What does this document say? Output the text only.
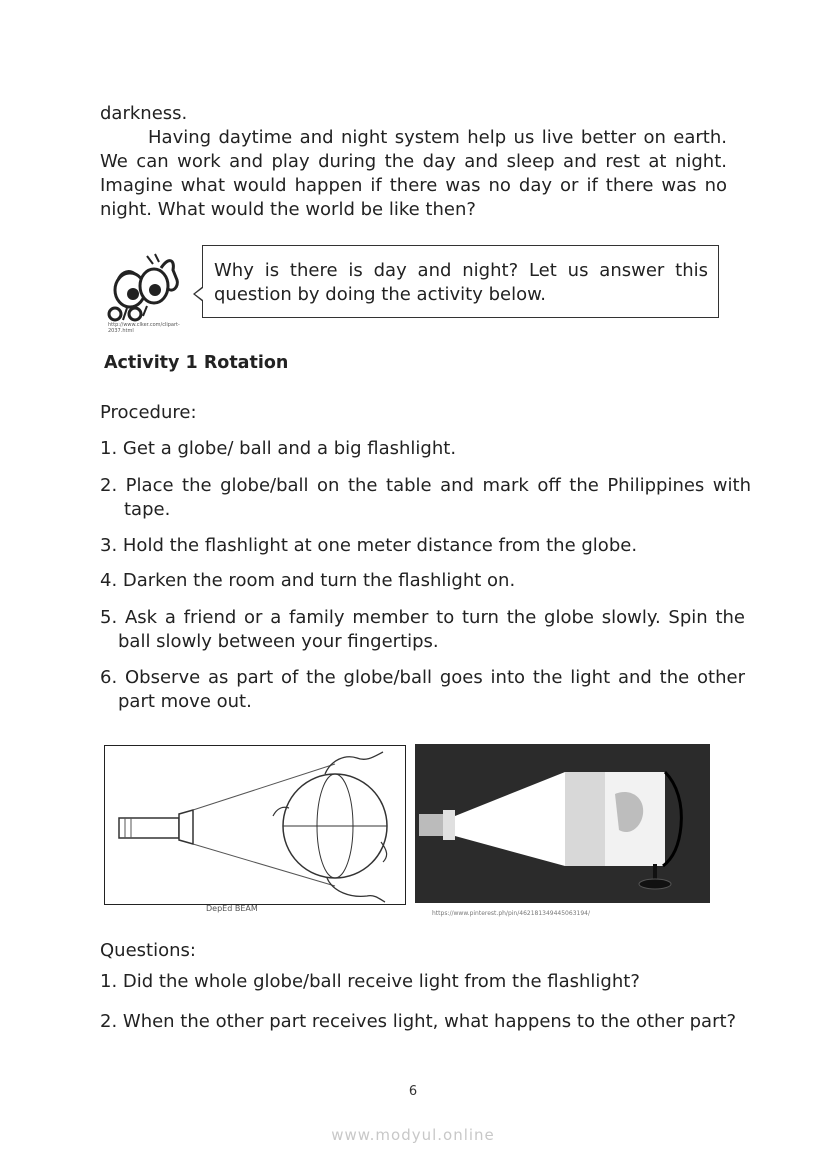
darkness.

Having daytime and night system help us live better on earth. We can work and play during the day and sleep and rest at night. Imagine what would happen if there was no day or if there was no night. What would the world be like then?

http://www.clker.com/clipart-2037.html
Why is there is day and night? Let us answer this question by doing the activity below.
Activity 1 Rotation

Procedure:

1. Get a globe/ ball and a big flashlight.

2. Place the globe/ball on the table and mark off the Philippines with tape.

3. Hold the flashlight at one meter distance from the globe.

4. Darken the room and turn the flashlight on.

5. Ask a friend or a family member to turn the globe slowly. Spin the ball slowly between your fingertips.

6. Observe as part of the globe/ball goes into the light and the other part move out.

DepEd BEAM
https://www.pinterest.ph/pin/462181349445063194/

Questions:

1. Did the whole globe/ball receive light from the flashlight?

2. When the other part receives light, what happens to the other part?

6
www.modyul.online
